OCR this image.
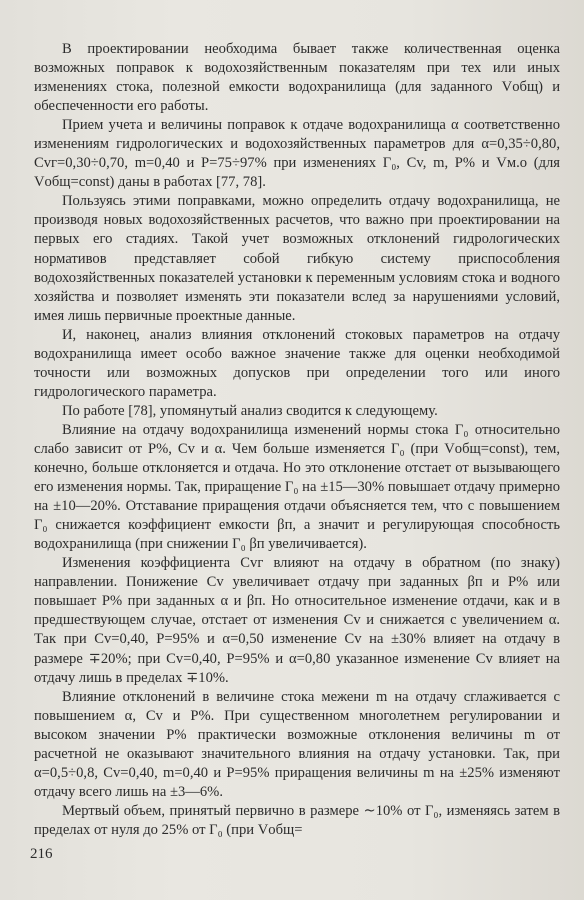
В проектировании необходима бывает также количественная оценка возможных поправок к водохозяйственным показателям при тех или иных изменениях стока, полезной емкости водохранилища (для заданного Vобщ) и обеспеченности его работы.

Прием учета и величины поправок к отдаче водохранилища α соответственно изменениям гидрологических и водохозяйственных параметров для α=0,35÷0,80, Cvг=0,30÷0,70, m=0,40 и P=75÷97% при изменениях Г₀, Cv, m, P% и Vм.о (для Vобщ=const) даны в работах [77, 78].

Пользуясь этими поправками, можно определить отдачу водохранилища, не производя новых водохозяйственных расчетов, что важно при проектировании на первых его стадиях. Такой учет возможных отклонений гидрологических нормативов представляет собой гибкую систему приспособления водохозяйственных показателей установки к переменным условиям стока и водного хозяйства и позволяет изменять эти показатели вслед за нарушениями условий, имея лишь первичные проектные данные.

И, наконец, анализ влияния отклонений стоковых параметров на отдачу водохранилища имеет особо важное значение также для оценки необходимой точности или возможных допусков при определении того или иного гидрологического параметра.

По работе [78], упомянутый анализ сводится к следующему.

Влияние на отдачу водохранилища изменений нормы стока Г₀ относительно слабо зависит от P%, Cv и α. Чем больше изменяется Г₀ (при Vобщ=const), тем, конечно, больше отклоняется и отдача. Но это отклонение отстает от вызывающего его изменения нормы. Так, приращение Г₀ на ±15—30% повышает отдачу примерно на ±10—20%. Отставание приращения отдачи объясняется тем, что с повышением Г₀ снижается коэффициент емкости βп, а значит и регулирующая способность водохранилища (при снижении Г₀ βп увеличивается).

Изменения коэффициента Cvг влияют на отдачу в обратном (по знаку) направлении. Понижение Cv увеличивает отдачу при заданных βп и P% или повышает P% при заданных α и βп. Но относительное изменение отдачи, как и в предшествующем случае, отстает от изменения Cv и снижается с увеличением α. Так при Cv=0,40, P=95% и α=0,50 изменение Cv на ±30% влияет на отдачу в размере ∓20%; при Cv=0,40, P=95% и α=0,80 указанное изменение Cv влияет на отдачу лишь в пределах ∓10%.

Влияние отклонений в величине стока межени m на отдачу сглаживается с повышением α, Cv и P%. При существенном многолетнем регулировании и высоком значении P% практически возможные отклонения величины m от расчетной не оказывают значительного влияния на отдачу установки. Так, при α=0,5÷0,8, Cv=0,40, m=0,40 и P=95% приращения величины m на ±25% изменяют отдачу всего лишь на ±3—6%.

Мертвый объем, принятый первично в размере ∼10% от Г₀, изменяясь затем в пределах от нуля до 25% от Г₀ (при Vобщ=

216
